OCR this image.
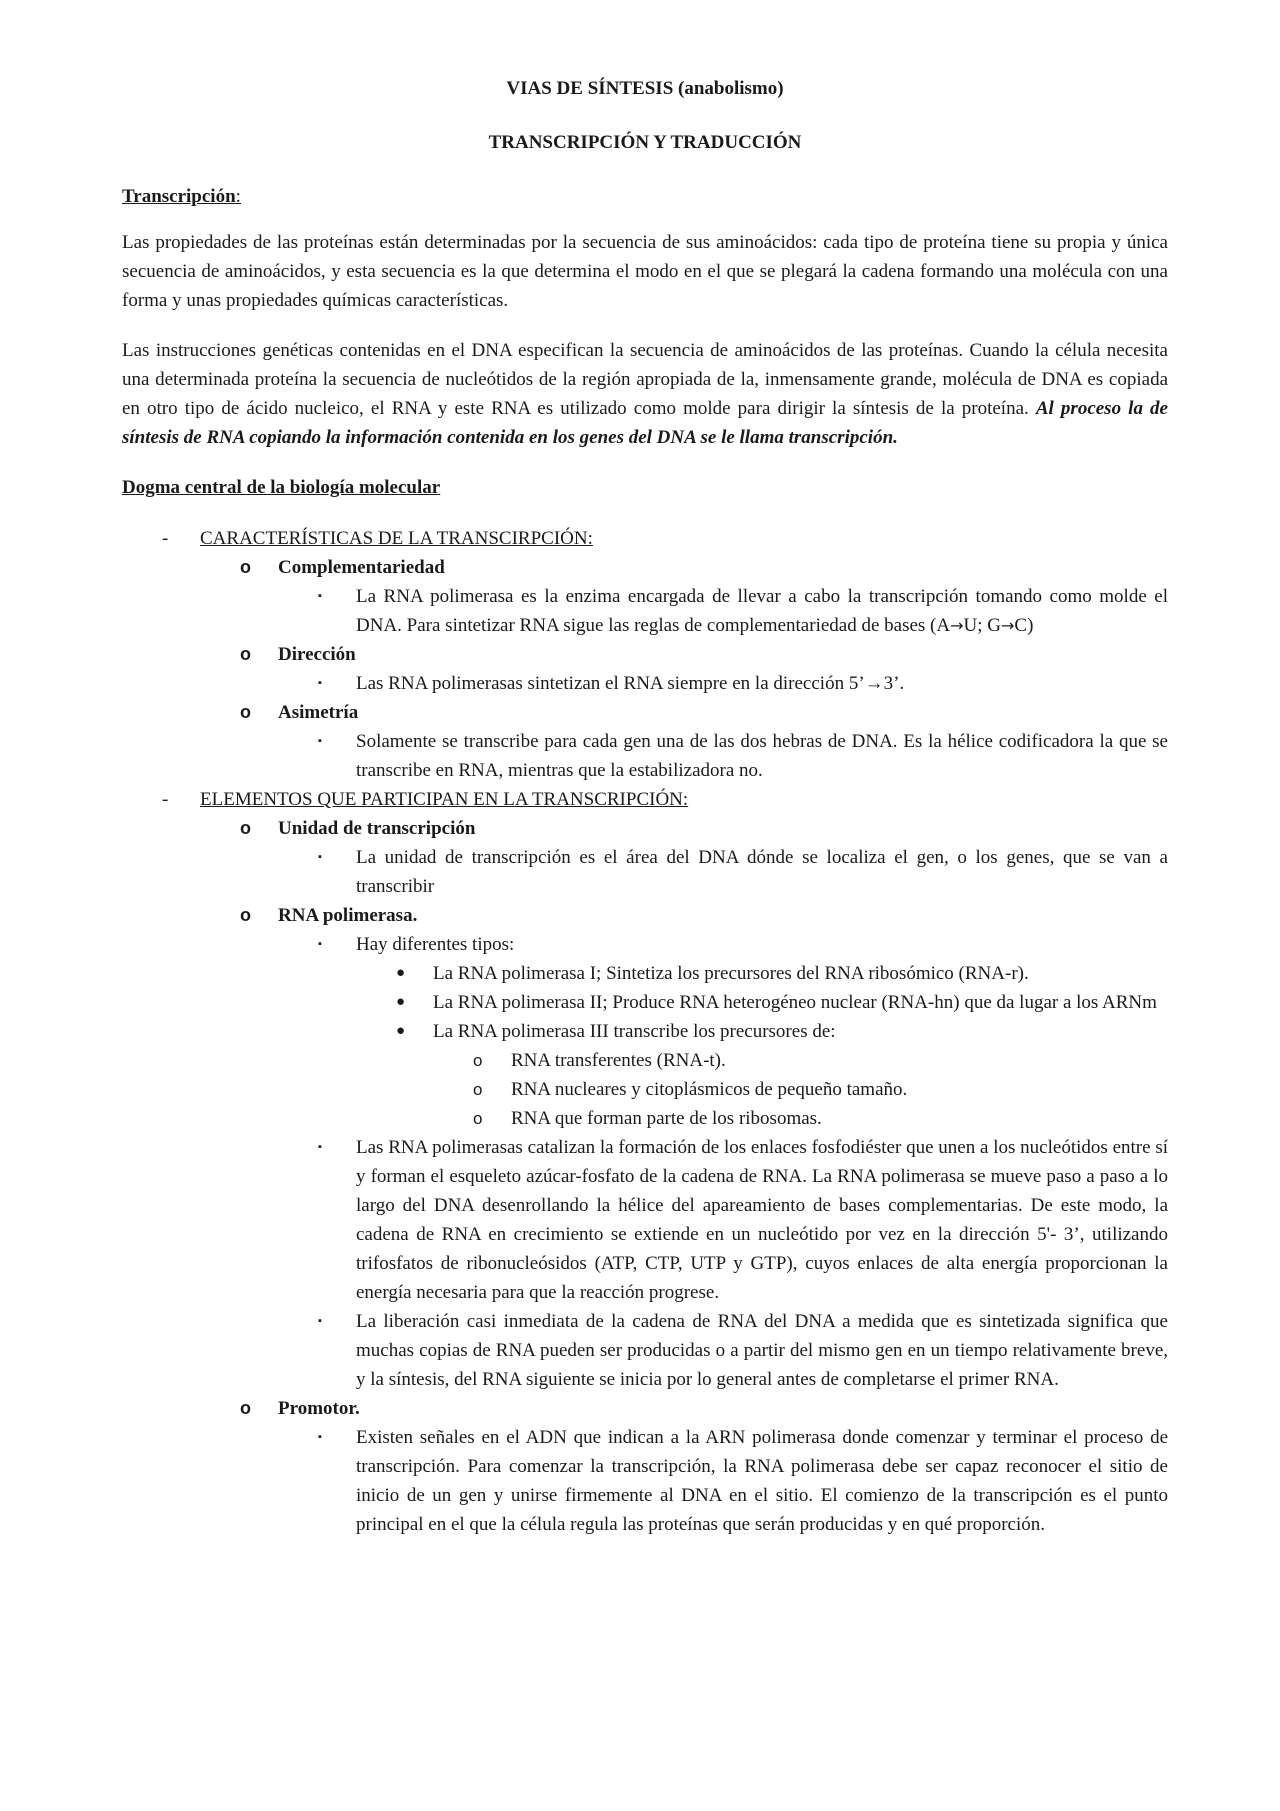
VIAS DE SÍNTESIS (anabolismo)

TRANSCRIPCIÓN Y TRADUCCIÓN

Transcripción:

Las propiedades de las proteínas están determinadas por la secuencia de sus aminoácidos: cada tipo de proteína tiene su propia y única secuencia de aminoácidos, y esta secuencia es la que determina el modo en el que se plegará la cadena formando una molécula con una forma y unas propiedades químicas características.

Las instrucciones genéticas contenidas en el DNA especifican la secuencia de aminoácidos de las proteínas. Cuando la célula necesita una determinada proteína la secuencia de nucleótidos de la región apropiada de la, inmensamente grande, molécula de DNA es copiada en otro tipo de ácido nucleico, el RNA y este RNA es utilizado como molde para dirigir la síntesis de la proteína. Al proceso la de síntesis de RNA copiando la información contenida en los genes del DNA se le llama transcripción.

Dogma central de la biología molecular

- CARACTERÍSTICAS DE LA TRANSCIRPCIÓN:
o Complementariedad
▪ La RNA polimerasa es la enzima encargada de llevar a cabo la transcripción tomando como molde el DNA. Para sintetizar RNA sigue las reglas de complementariedad de bases (A→U; G→C)
o Dirección
▪ Las RNA polimerasas sintetizan el RNA siempre en la dirección 5’→3’.
o Asimetría
▪ Solamente se transcribe para cada gen una de las dos hebras de DNA. Es la hélice codificadora la que se transcribe en RNA, mientras que la estabilizadora no.
- ELEMENTOS QUE PARTICIPAN EN LA TRANSCRIPCIÓN:
o Unidad de transcripción
▪ La unidad de transcripción es el área del DNA dónde se localiza el gen, o los genes, que se van a transcribir
o RNA polimerasa.
▪ Hay diferentes tipos:
● La RNA polimerasa I; Sintetiza los precursores del RNA ribosómico (RNA-r).
● La RNA polimerasa II; Produce RNA heterogéneo nuclear (RNA-hn) que da lugar a los ARNm
● La RNA polimerasa III transcribe los precursores de:
o RNA transferentes (RNA-t).
o RNA nucleares y citoplásmicos de pequeño tamaño.
o RNA que forman parte de los ribosomas.
▪ Las RNA polimerasas catalizan la formación de los enlaces fosfodiéster que unen a los nucleótidos entre sí y forman el esqueleto azúcar-fosfato de la cadena de RNA. La RNA polimerasa se mueve paso a paso a lo largo del DNA desenrollando la hélice del apareamiento de bases complementarias. De este modo, la cadena de RNA en crecimiento se extiende en un nucleótido por vez en la dirección 5'- 3’, utilizando trifosfatos de ribonucleósidos (ATP, CTP, UTP y GTP), cuyos enlaces de alta energía proporcionan la energía necesaria para que la reacción progrese.
▪ La liberación casi inmediata de la cadena de RNA del DNA a medida que es sintetizada significa que muchas copias de RNA pueden ser producidas o a partir del mismo gen en un tiempo relativamente breve, y la síntesis, del RNA siguiente se inicia por lo general antes de completarse el primer RNA.
o Promotor.
▪ Existen señales en el ADN que indican a la ARN polimerasa donde comenzar y terminar el proceso de transcripción. Para comenzar la transcripción, la RNA polimerasa debe ser capaz reconocer el sitio de inicio de un gen y unirse firmemente al DNA en el sitio. El comienzo de la transcripción es el punto principal en el que la célula regula las proteínas que serán producidas y en qué proporción.
